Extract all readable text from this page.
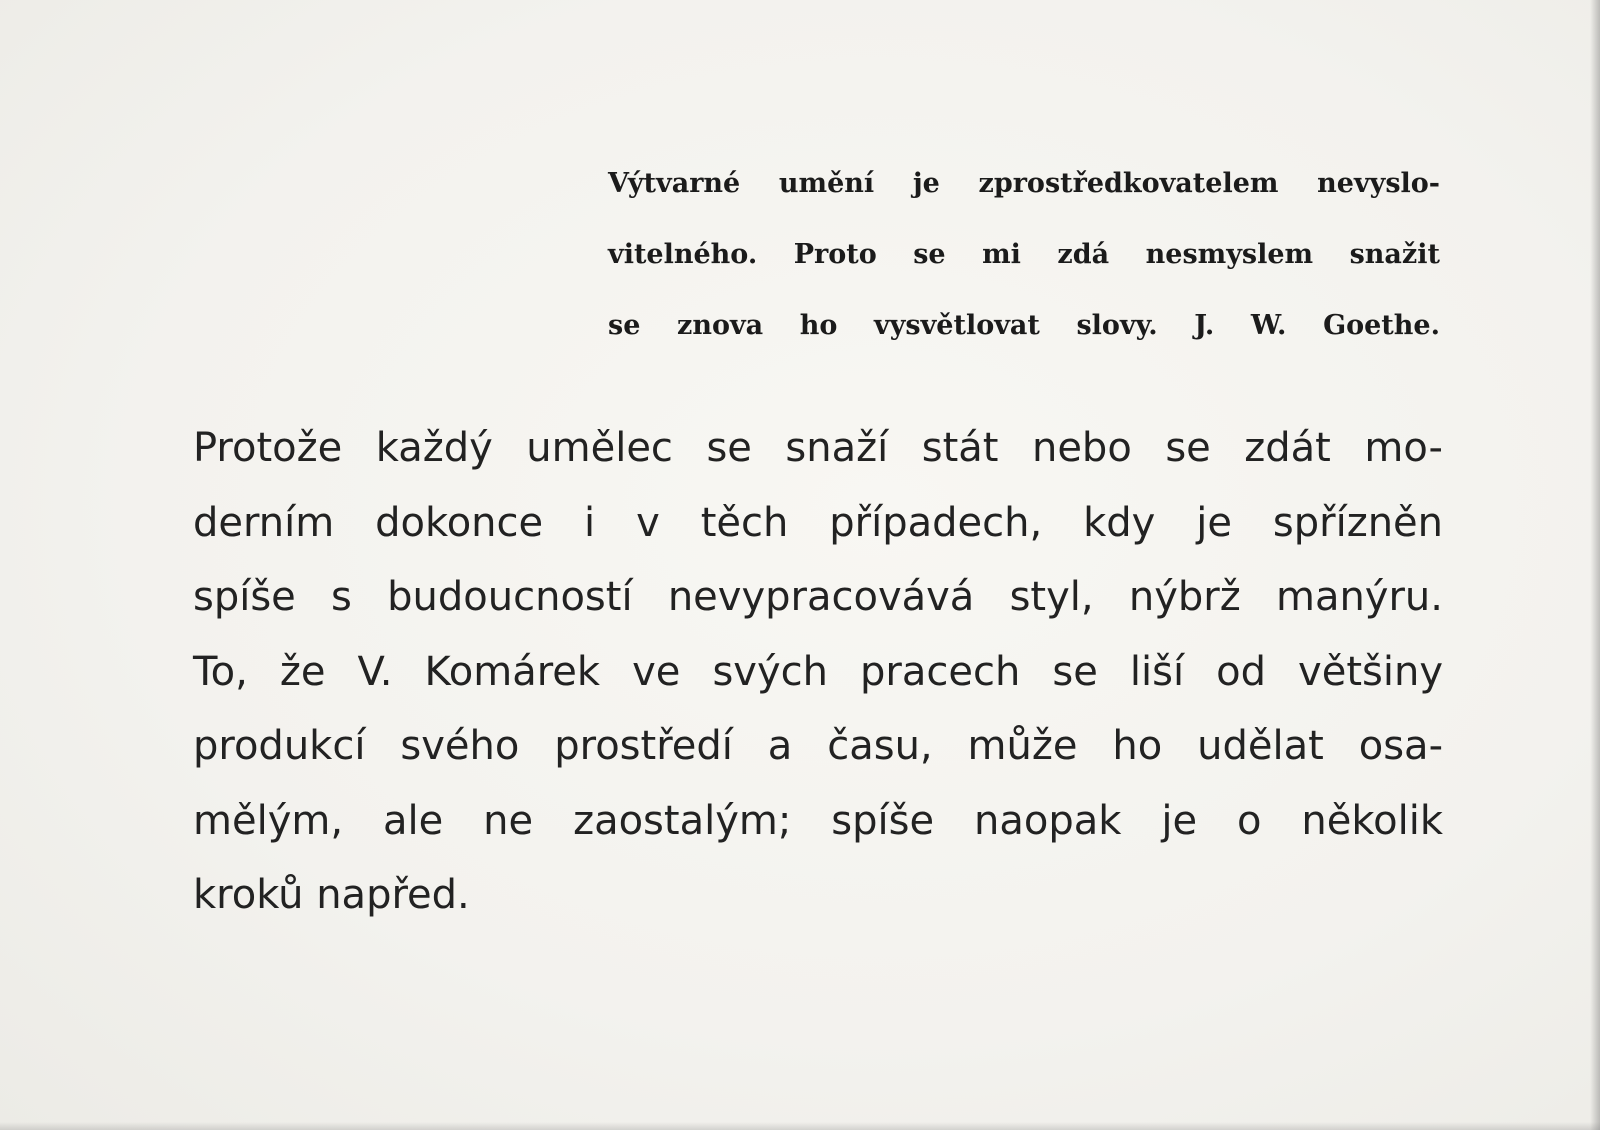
Výtvarné umění je zprostředkovatelem nevyslo-
vitelného. Proto se mi zdá nesmyslem snažit
se znova ho vysvětlovat slovy. J. W. Goethe.
Protože každý umělec se snaží stát nebo se zdát mo-
derním dokonce i v těch případech, kdy je spřízněn
spíše s budoucností nevypracovává styl, nýbrž manýru.
To, že V. Komárek ve svých pracech se liší od většiny
produkcí svého prostředí a času, může ho udělat osa-
mělým, ale ne zaostalým; spíše naopak je o několik
kroků napřed.
